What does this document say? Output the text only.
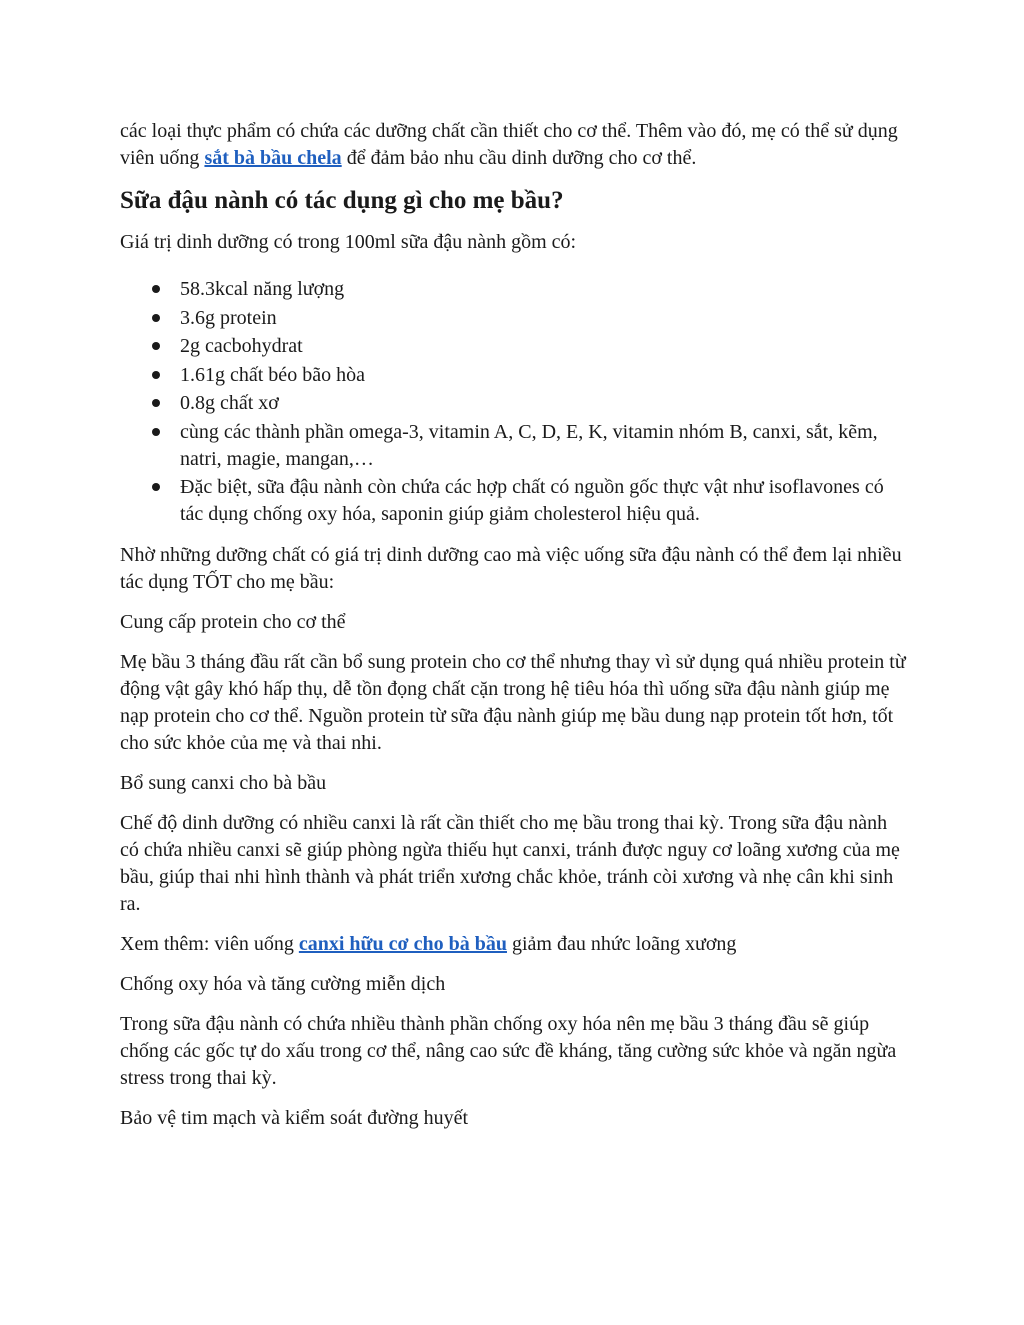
các loại thực phẩm có chứa các dưỡng chất cần thiết cho cơ thể. Thêm vào đó, mẹ có thể sử dụng viên uống sắt bà bầu chela để đảm bảo nhu cầu dinh dưỡng cho cơ thể.

Sữa đậu nành có tác dụng gì cho mẹ bầu?

Giá trị dinh dưỡng có trong 100ml sữa đậu nành gồm có:

58.3kcal năng lượng
3.6g protein
2g cacbohydrat
1.61g chất béo bão hòa
0.8g chất xơ
cùng các thành phần omega-3, vitamin A, C, D, E, K, vitamin nhóm B, canxi, sắt, kẽm, natri, magie, mangan,…
Đặc biệt, sữa đậu nành còn chứa các hợp chất có nguồn gốc thực vật như isoflavones có tác dụng chống oxy hóa, saponin giúp giảm cholesterol hiệu quả.

Nhờ những dưỡng chất có giá trị dinh dưỡng cao mà việc uống sữa đậu nành có thể đem lại nhiều tác dụng TỐT cho mẹ bầu:

Cung cấp protein cho cơ thể

Mẹ bầu 3 tháng đầu rất cần bổ sung protein cho cơ thể nhưng thay vì sử dụng quá nhiều protein từ động vật gây khó hấp thụ, dễ tồn đọng chất cặn trong hệ tiêu hóa thì uống sữa đậu nành giúp mẹ nạp protein cho cơ thể. Nguồn protein từ sữa đậu nành giúp mẹ bầu dung nạp protein tốt hơn, tốt cho sức khỏe của mẹ và thai nhi.

Bổ sung canxi cho bà bầu

Chế độ dinh dưỡng có nhiều canxi là rất cần thiết cho mẹ bầu trong thai kỳ. Trong sữa đậu nành có chứa nhiều canxi sẽ giúp phòng ngừa thiếu hụt canxi, tránh được nguy cơ loãng xương của mẹ bầu, giúp thai nhi hình thành và phát triển xương chắc khỏe, tránh còi xương và nhẹ cân khi sinh ra.

Xem thêm: viên uống canxi hữu cơ cho bà bầu giảm đau nhức loãng xương

Chống oxy hóa và tăng cường miễn dịch

Trong sữa đậu nành có chứa nhiều thành phần chống oxy hóa nên mẹ bầu 3 tháng đầu sẽ giúp chống các gốc tự do xấu trong cơ thể, nâng cao sức đề kháng, tăng cường sức khỏe và ngăn ngừa stress trong thai kỳ.

Bảo vệ tim mạch và kiểm soát đường huyết
